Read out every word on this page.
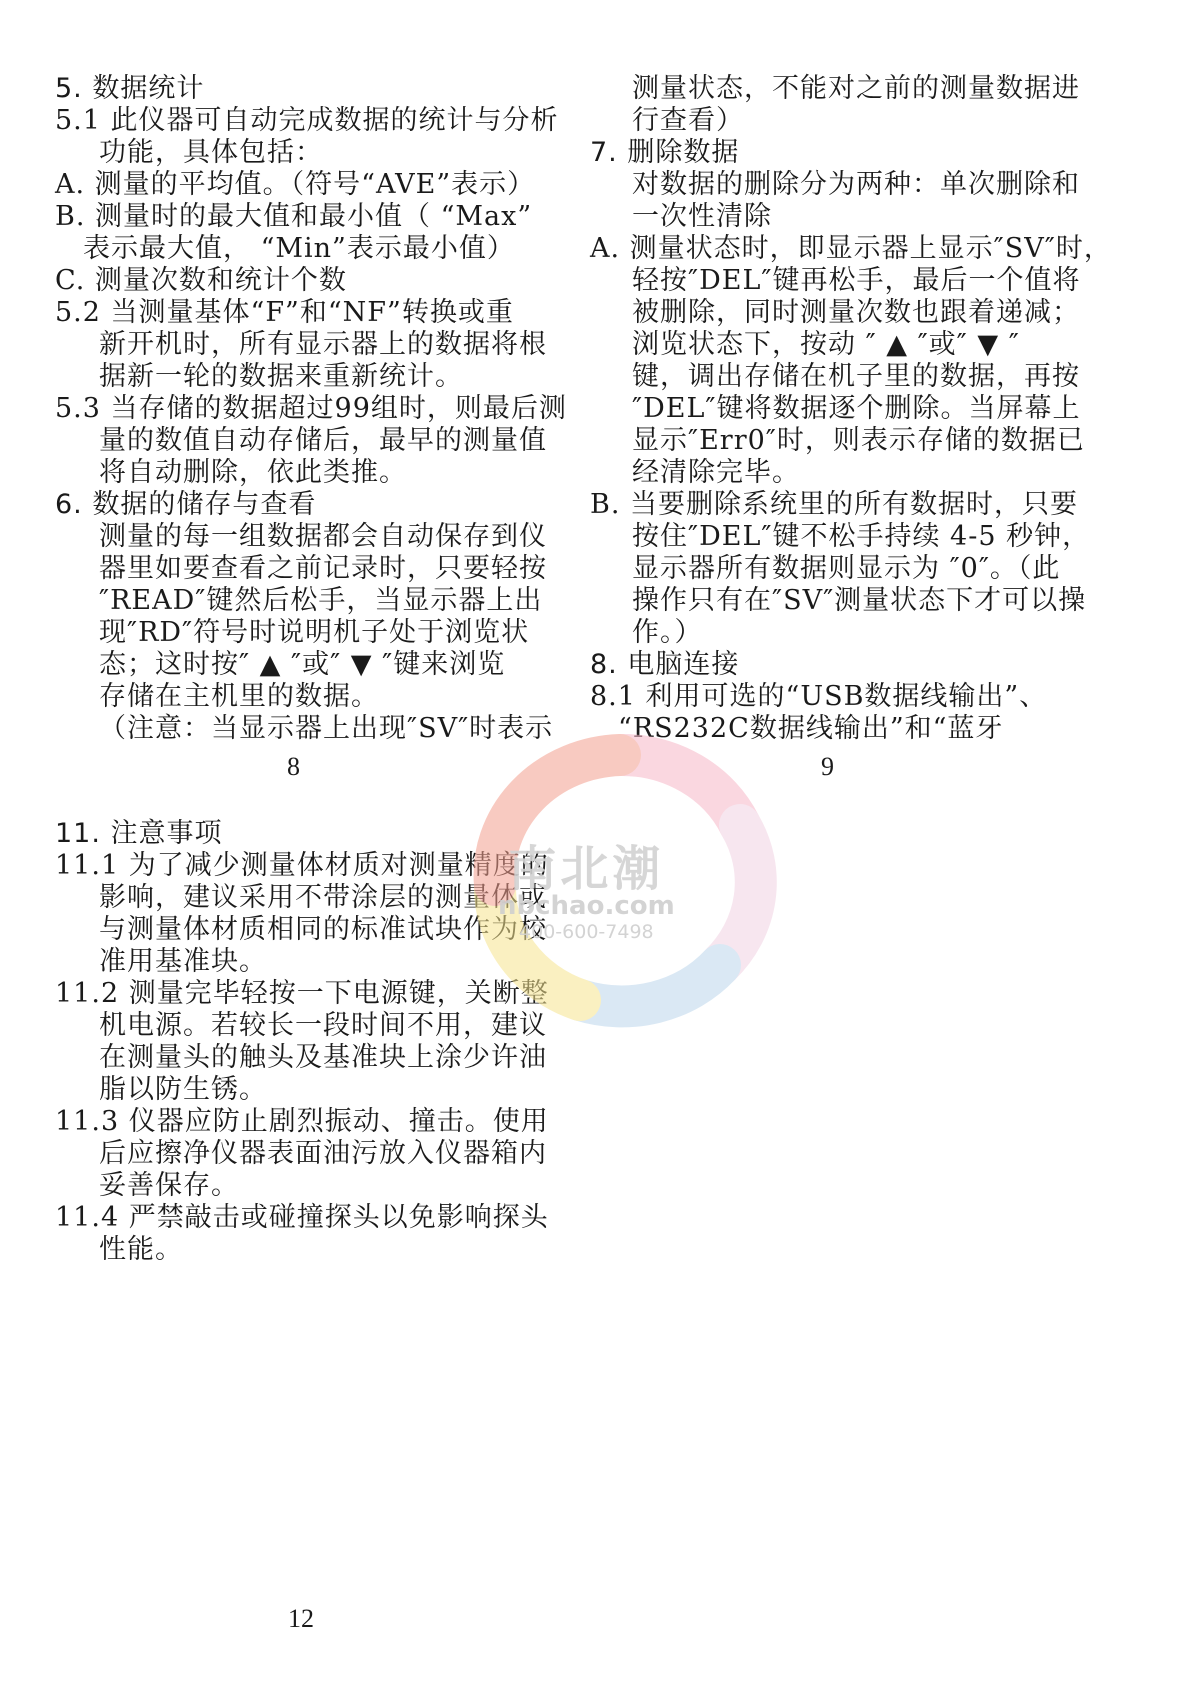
5. 数据统计

5.1 此仪器可自动完成数据的统计与分析

功能，具体包括：

A. 测量的平均值。（符号“AVE”表示）

B. 测量时的最大值和最小值（ “Max”

表示最大值， “Min”表示最小值）

C. 测量次数和统计个数

5.2 当测量基体“F”和“NF”转换或重

新开机时，所有显示器上的数据将根

据新一轮的数据来重新统计。

5.3 当存储的数据超过99组时，则最后测

量的数值自动存储后，最早的测量值

将自动删除，依此类推。

6. 数据的储存与查看

测量的每一组数据都会自动保存到仪

器里如要查看之前记录时，只要轻按

″READ″键然后松手，当显示器上出

现″RD″符号时说明机子处于浏览状

态；这时按″ ▲ ″或″ ▼ ″键来浏览

存储在主机里的数据。

（注意：当显示器上出现″SV″时表示

测量状态，不能对之前的测量数据进

行查看）

7. 删除数据

对数据的删除分为两种：单次删除和

一次性清除

A. 测量状态时，即显示器上显示″SV″时，

轻按″DEL″键再松手，最后一个值将

被删除，同时测量次数也跟着递减；

浏览状态下，按动 ″ ▲ ″或″ ▼ ″

键，调出存储在机子里的数据，再按

″DEL″键将数据逐个删除。当屏幕上

显示″Err0″时，则表示存储的数据已

经清除完毕。

B. 当要删除系统里的所有数据时，只要

按住″DEL″键不松手持续 4-5 秒钟，

显示器所有数据则显示为 ″0″。（此

操作只有在″SV″测量状态下才可以操

作。）

8. 电脑连接

8.1 利用可选的“USB数据线输出”、

“RS232C数据线输出”和“蓝牙

11. 注意事项

11.1 为了减少测量体材质对测量精度的

影响，建议采用不带涂层的测量体或

与测量体材质相同的标准试块作为校

准用基准块。

11.2 测量完毕轻按一下电源键，关断整

机电源。若较长一段时间不用，建议

在测量头的触头及基准块上涂少许油

脂以防生锈。

11.3 仪器应防止剧烈振动、撞击。使用

后应擦净仪器表面油污放入仪器箱内

妥善保存。

11.4 严禁敲击或碰撞探头以免影响探头

性能。

8	9
12
南北潮
nbchao.com
400-600-7498
